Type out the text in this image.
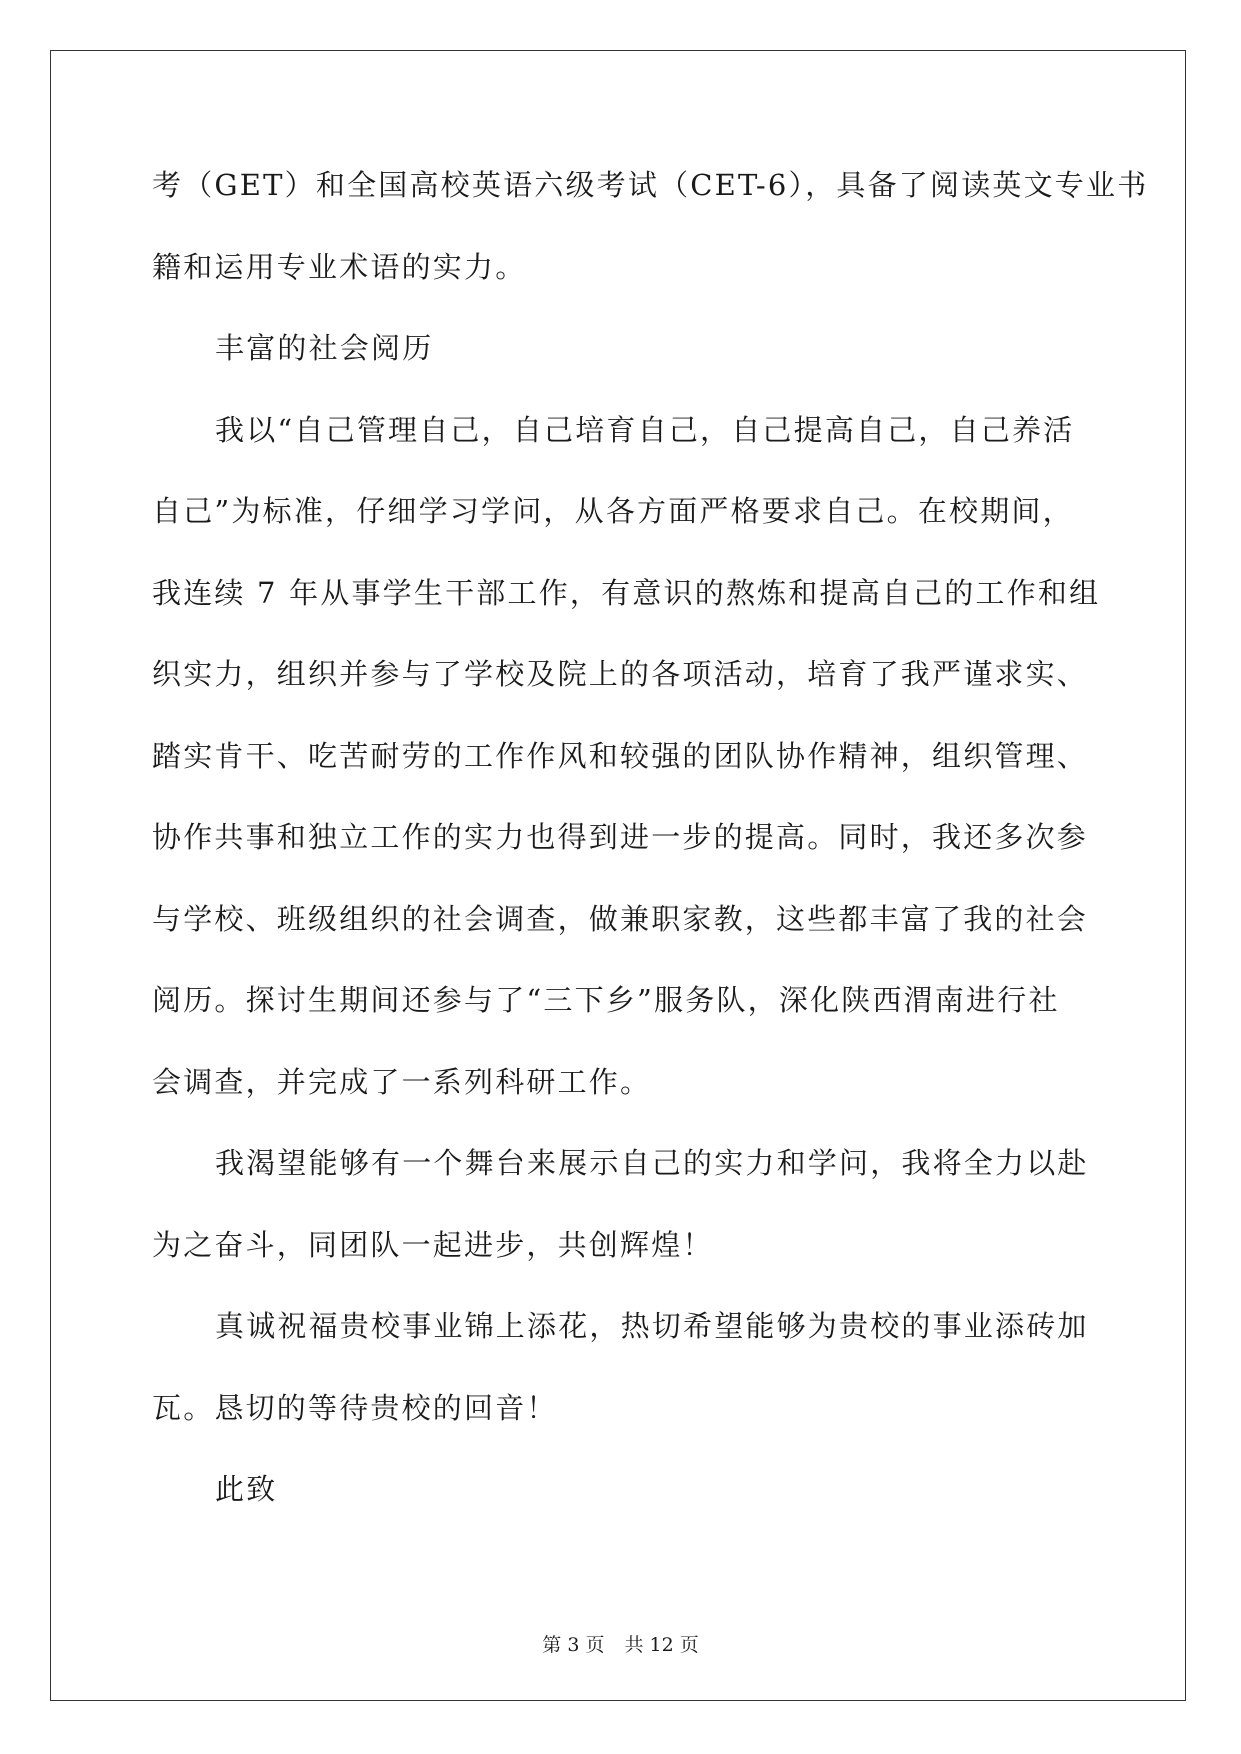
考（GET）和全国高校英语六级考试（CET-6），具备了阅读英文专业书
籍和运用专业术语的实力。
丰富的社会阅历
我以“自己管理自己，自己培育自己，自己提高自己，自己养活
自己”为标准，仔细学习学问，从各方面严格要求自己。在校期间，
我连续 7 年从事学生干部工作，有意识的熬炼和提高自己的工作和组
织实力，组织并参与了学校及院上的各项活动，培育了我严谨求实、
踏实肯干、吃苦耐劳的工作作风和较强的团队协作精神，组织管理、
协作共事和独立工作的实力也得到进一步的提高。同时，我还多次参
与学校、班级组织的社会调查，做兼职家教，这些都丰富了我的社会
阅历。探讨生期间还参与了“三下乡”服务队，深化陕西渭南进行社
会调查，并完成了一系列科研工作。
我渴望能够有一个舞台来展示自己的实力和学问，我将全力以赴
为之奋斗，同团队一起进步，共创辉煌！
真诚祝福贵校事业锦上添花，热切希望能够为贵校的事业添砖加
瓦。恳切的等待贵校的回音！
此致
第 3 页 共 12 页
